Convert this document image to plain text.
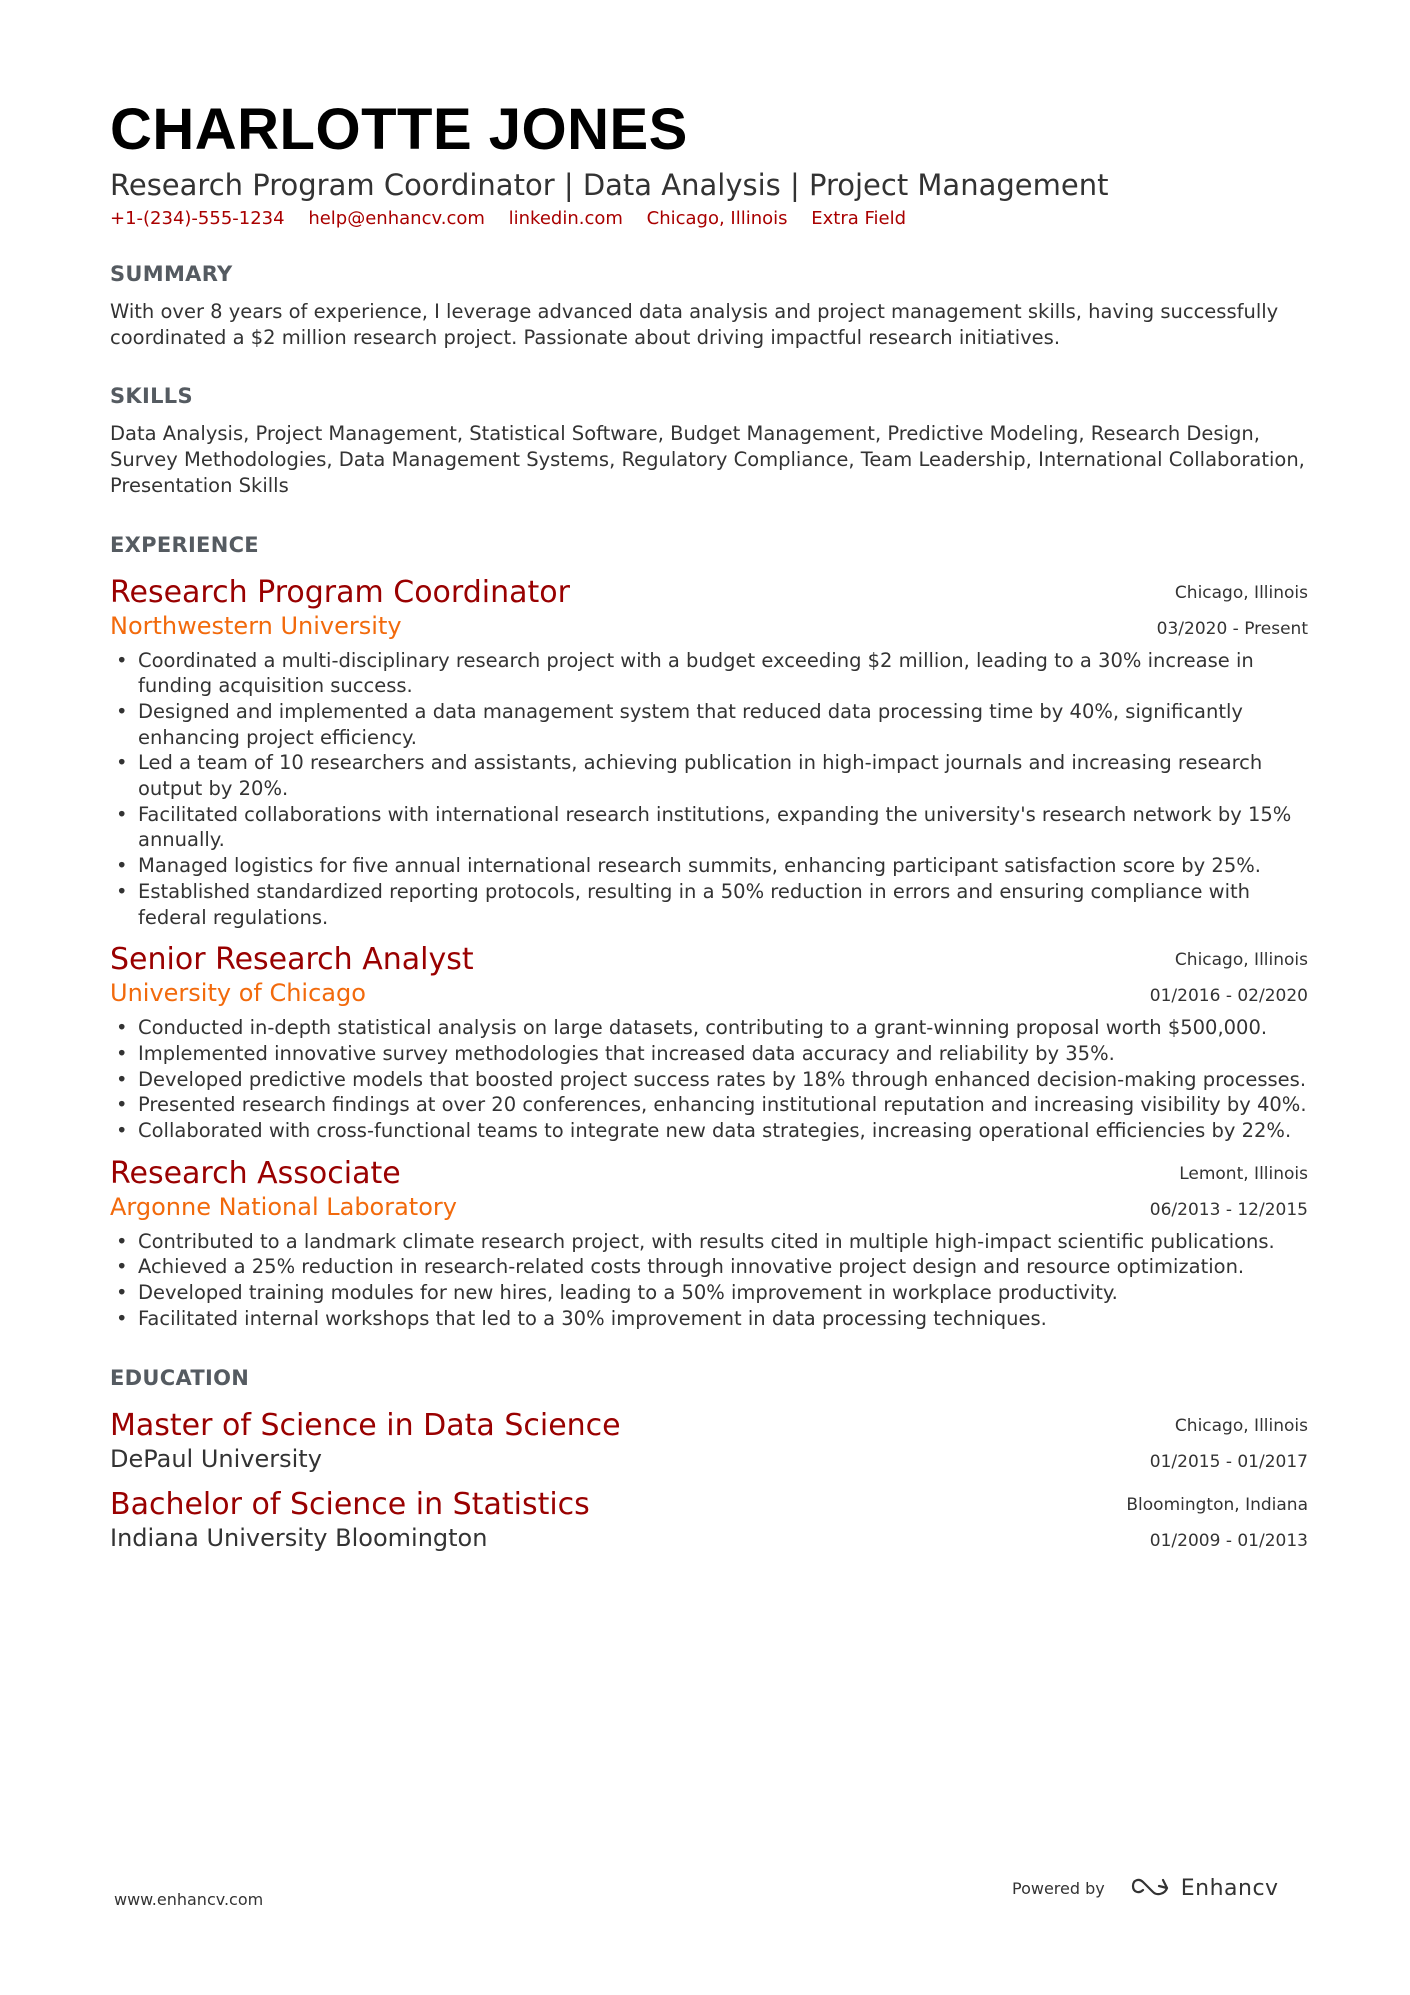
CHARLOTTE JONES
Research Program Coordinator | Data Analysis | Project Management
+1-(234)-555-1234 help@enhancv.com linkedin.com Chicago, Illinois Extra Field
SUMMARY
With over 8 years of experience, I leverage advanced data analysis and project management skills, having successfully coordinated a $2 million research project. Passionate about driving impactful research initiatives.
SKILLS
Data Analysis, Project Management, Statistical Software, Budget Management, Predictive Modeling, Research Design, Survey Methodologies, Data Management Systems, Regulatory Compliance, Team Leadership, International Collaboration, Presentation Skills
EXPERIENCE
Research Program Coordinator
Northwestern University
Chicago, Illinois
03/2020 - Present
• Coordinated a multi-disciplinary research project with a budget exceeding $2 million, leading to a 30% increase in funding acquisition success.
• Designed and implemented a data management system that reduced data processing time by 40%, significantly enhancing project efficiency.
• Led a team of 10 researchers and assistants, achieving publication in high-impact journals and increasing research output by 20%.
• Facilitated collaborations with international research institutions, expanding the university's research network by 15% annually.
• Managed logistics for five annual international research summits, enhancing participant satisfaction score by 25%.
• Established standardized reporting protocols, resulting in a 50% reduction in errors and ensuring compliance with federal regulations.
Senior Research Analyst
University of Chicago
Chicago, Illinois
01/2016 - 02/2020
• Conducted in-depth statistical analysis on large datasets, contributing to a grant-winning proposal worth $500,000.
• Implemented innovative survey methodologies that increased data accuracy and reliability by 35%.
• Developed predictive models that boosted project success rates by 18% through enhanced decision-making processes.
• Presented research findings at over 20 conferences, enhancing institutional reputation and increasing visibility by 40%.
• Collaborated with cross-functional teams to integrate new data strategies, increasing operational efficiencies by 22%.
Research Associate
Argonne National Laboratory
Lemont, Illinois
06/2013 - 12/2015
• Contributed to a landmark climate research project, with results cited in multiple high-impact scientific publications.
• Achieved a 25% reduction in research-related costs through innovative project design and resource optimization.
• Developed training modules for new hires, leading to a 50% improvement in workplace productivity.
• Facilitated internal workshops that led to a 30% improvement in data processing techniques.
EDUCATION
Master of Science in Data Science
DePaul University
Chicago, Illinois
01/2015 - 01/2017
Bachelor of Science in Statistics
Indiana University Bloomington
Bloomington, Indiana
01/2009 - 01/2013
www.enhancv.com
Powered by	Enhancv
